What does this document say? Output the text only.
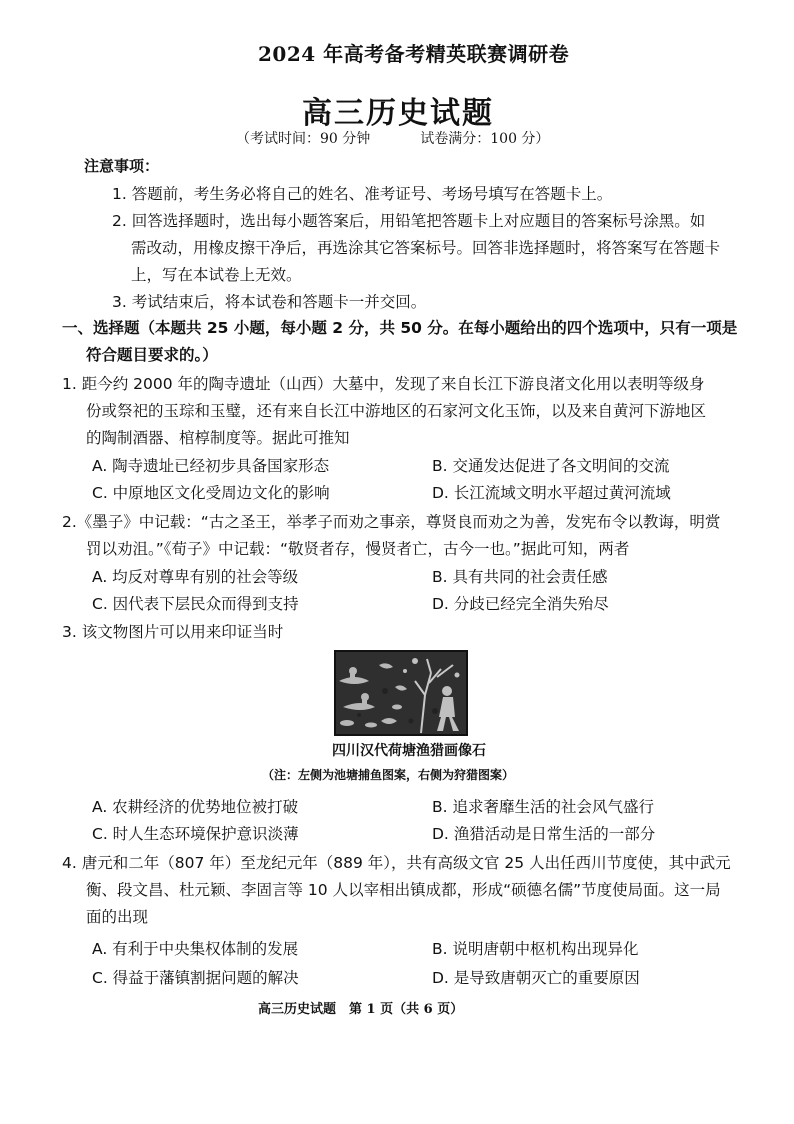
2024 年高考备考精英联赛调研卷
高三历史试题
（考试时间：90 分钟	试卷满分：100 分）
注意事项：
1. 答题前，考生务必将自己的姓名、准考证号、考场号填写在答题卡上。
2. 回答选择题时，选出每小题答案后，用铅笔把答题卡上对应题目的答案标号涂黑。如
需改动，用橡皮擦干净后，再选涂其它答案标号。回答非选择题时，将答案写在答题卡
上，写在本试卷上无效。
3. 考试结束后，将本试卷和答题卡一并交回。
一、选择题（本题共 25 小题，每小题 2 分，共 50 分。在每小题给出的四个选项中，只有一项是
符合题目要求的。）
1. 距今约 2000 年的陶寺遗址（山西）大墓中，发现了来自长江下游良渚文化用以表明等级身
份或祭祀的玉琮和玉璧，还有来自长江中游地区的石家河文化玉饰，以及来自黄河下游地区
的陶制酒器、棺椁制度等。据此可推知
A. 陶寺遗址已经初步具备国家形态	B. 交通发达促进了各文明间的交流
C. 中原地区文化受周边文化的影响	D. 长江流域文明水平超过黄河流域
2.《墨子》中记载：“古之圣王，举孝子而劝之事亲，尊贤良而劝之为善，发宪布令以教诲，明赏
罚以劝沮。”《荀子》中记载：“敬贤者存，慢贤者亡，古今一也。”据此可知，两者
A. 均反对尊卑有别的社会等级	B. 具有共同的社会责任感
C. 因代表下层民众而得到支持	D. 分歧已经完全消失殆尽
3. 该文物图片可以用来印证当时
四川汉代荷塘渔猎画像石
（注：左侧为池塘捕鱼图案，右侧为狩猎图案）
A. 农耕经济的优势地位被打破	B. 追求奢靡生活的社会风气盛行
C. 时人生态环境保护意识淡薄	D. 渔猎活动是日常生活的一部分
4. 唐元和二年（807 年）至龙纪元年（889 年），共有高级文官 25 人出任西川节度使，其中武元
衡、段文昌、杜元颖、李固言等 10 人以宰相出镇成都，形成“硕德名儒”节度使局面。这一局
面的出现
A. 有利于中央集权体制的发展	B. 说明唐朝中枢机构出现异化
C. 得益于藩镇割据问题的解决	D. 是导致唐朝灭亡的重要原因
高三历史试题　第 1 页（共 6 页）
